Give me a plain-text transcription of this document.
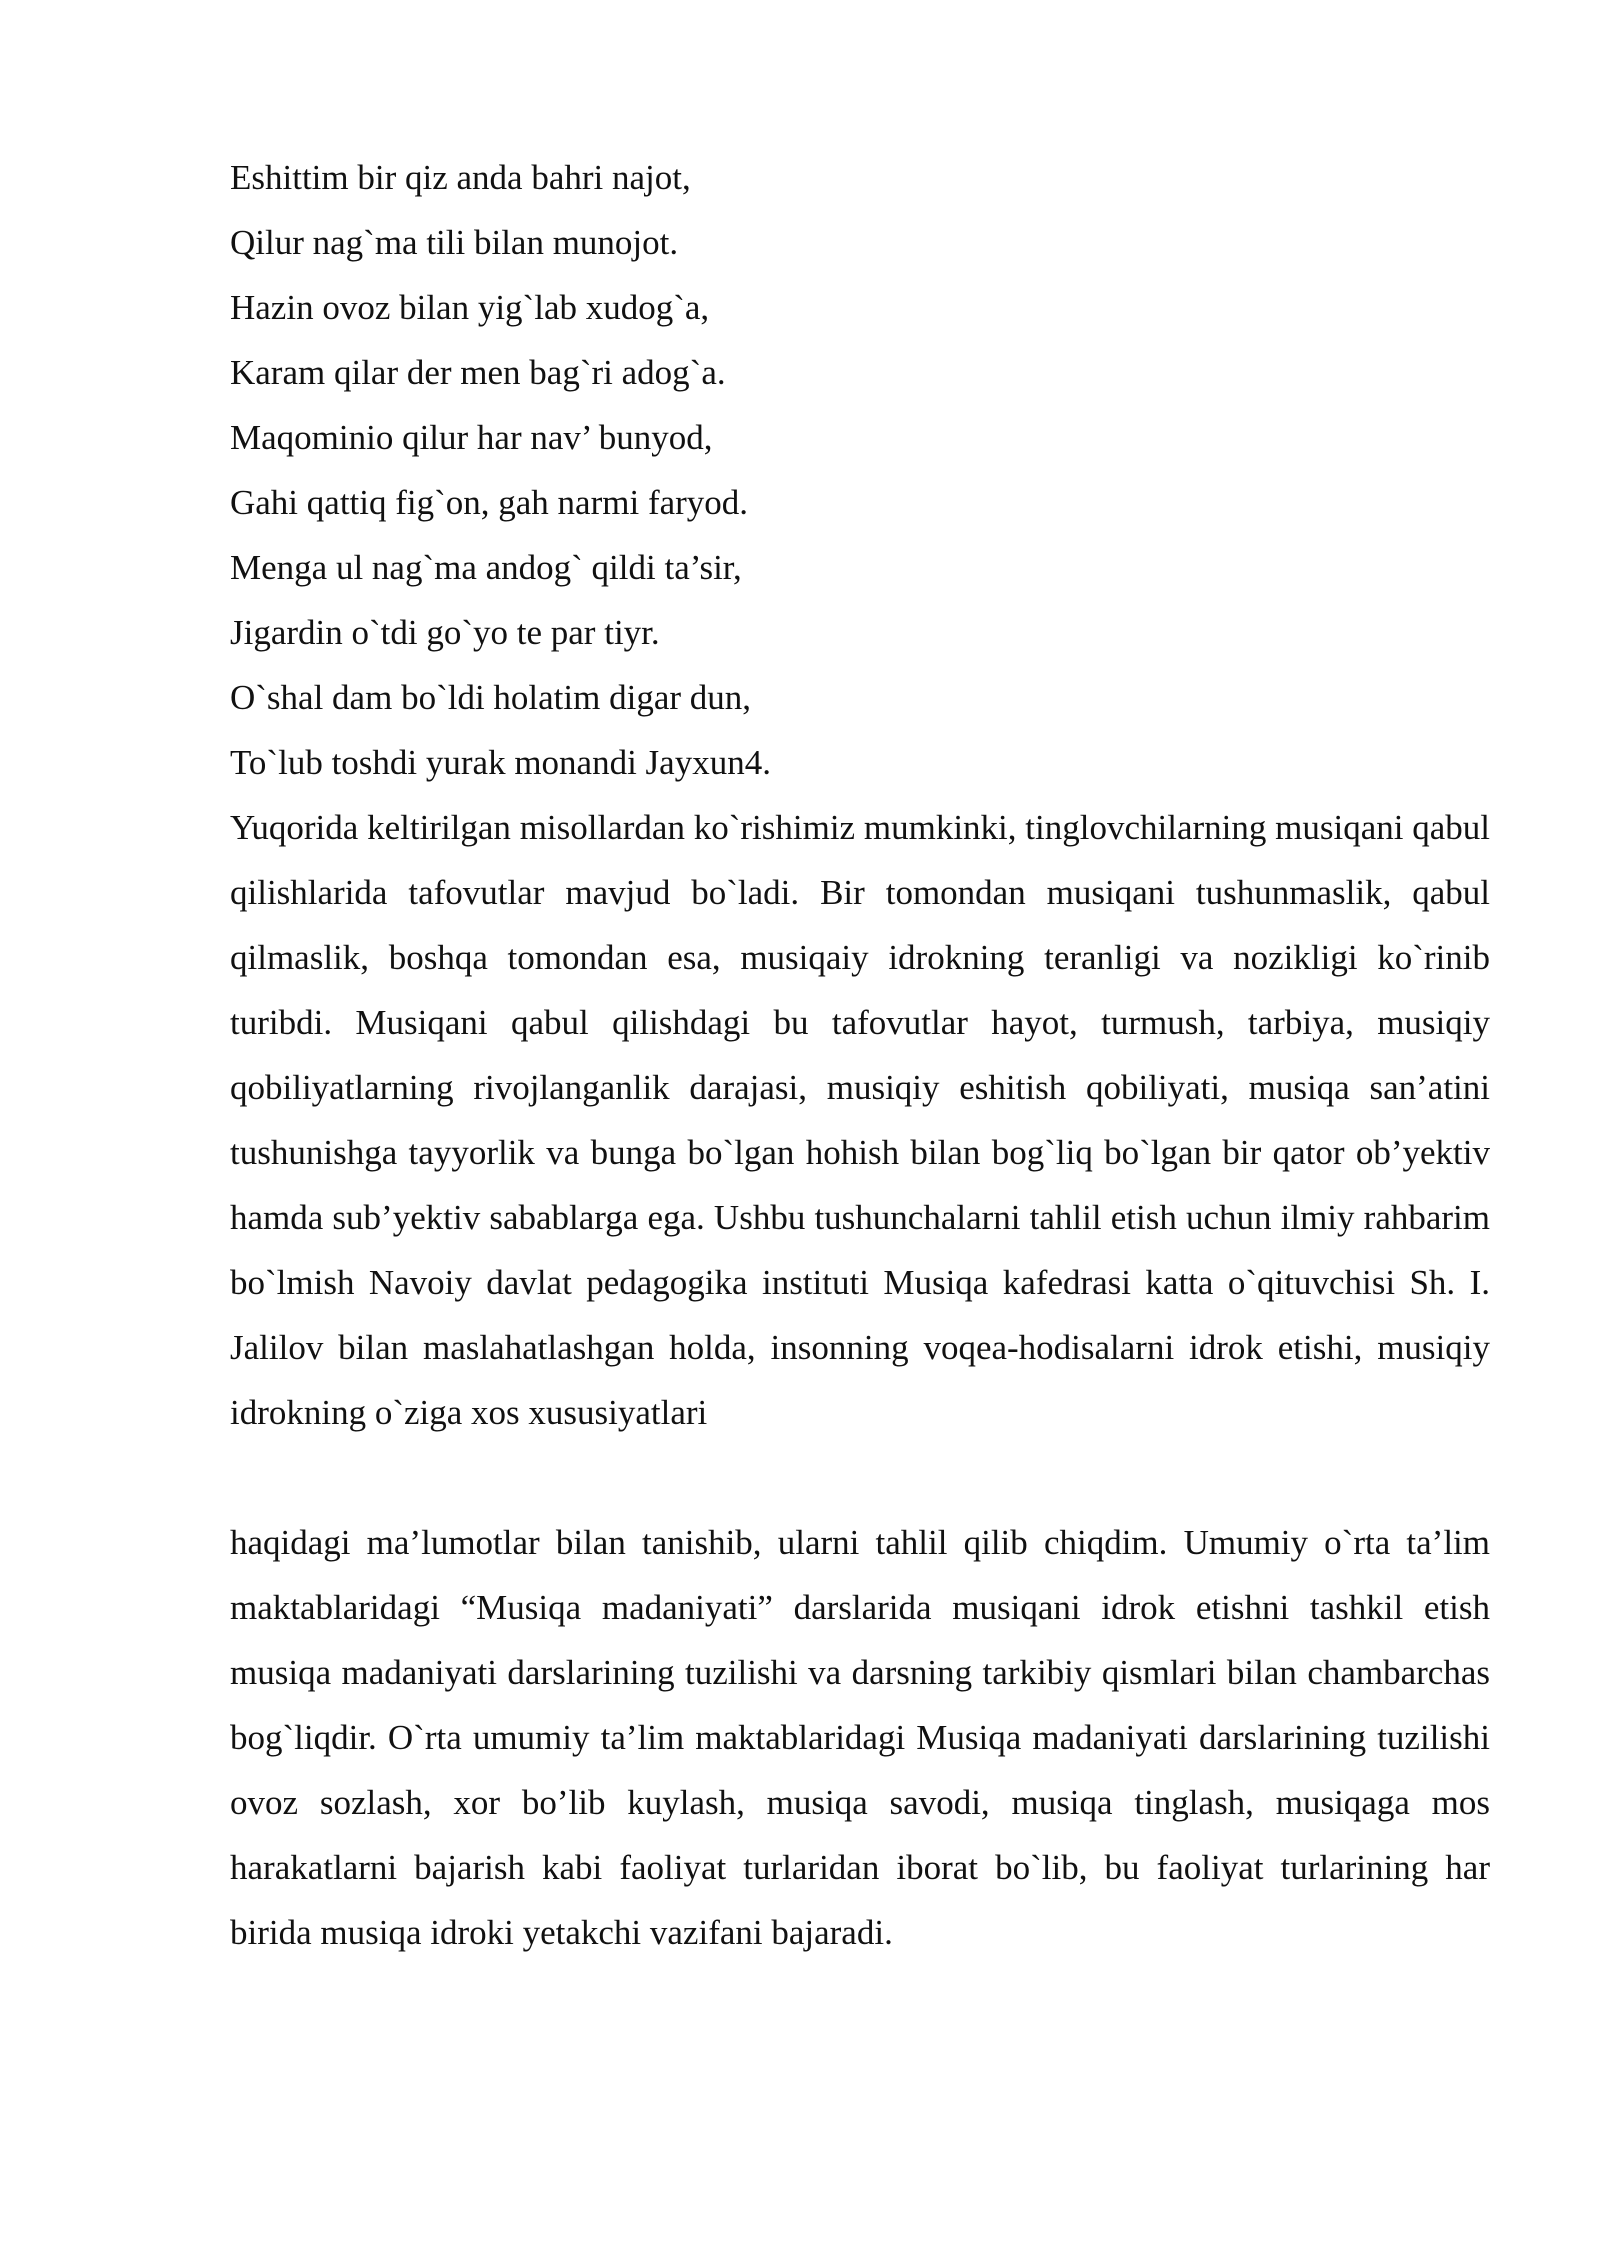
Eshittim bir qiz anda bahri najot,
Qilur nag`ma tili bilan munojot.
Hazin ovoz bilan yig`lab xudog`a,
Karam qilar der men bag`ri adog`a.
Maqominio qilur har nav’ bunyod,
Gahi qattiq fig`on, gah narmi faryod.
Menga ul nag`ma andog` qildi ta’sir,
Jigardin o`tdi go`yo te par tiyr.
O`shal dam bo`ldi holatim digar dun,
To`lub toshdi yurak monandi Jayxun4.

Yuqorida keltirilgan misollardan ko`rishimiz mumkinki, tinglovchilarning musiqani qabul qilishlarida tafovutlar mavjud bo`ladi. Bir tomondan musiqani tushunmaslik, qabul qilmaslik, boshqa tomondan esa, musiqaiy idrokning teranligi va nozikligi ko`rinib turibdi. Musiqani qabul qilishdagi bu tafovutlar hayot, turmush, tarbiya, musiqiy qobiliyatlarning rivojlanganlik darajasi, musiqiy eshitish qobiliyati, musiqa san’atini tushunishga tayyorlik va bunga bo`lgan hohish bilan bog`liq bo`lgan bir qator ob’yektiv hamda sub’yektiv sabablarga ega. Ushbu tushunchalarni tahlil etish uchun ilmiy rahbarim bo`lmish Navoiy davlat pedagogika instituti Musiqa kafedrasi katta o`qituvchisi Sh. I. Jalilov bilan maslahatlashgan holda, insonning voqea-hodisalarni idrok etishi, musiqiy idrokning o`ziga xos xususiyatlari

haqidagi ma’lumotlar bilan tanishib, ularni tahlil qilib chiqdim. Umumiy o`rta ta’lim maktablaridagi “Musiqa madaniyati” darslarida musiqani idrok etishni tashkil etish musiqa madaniyati darslarining tuzilishi va darsning tarkibiy qismlari bilan chambarchas bog`liqdir. O`rta umumiy ta’lim maktablaridagi Musiqa madaniyati darslarining tuzilishi ovoz sozlash, xor bo’lib kuylash, musiqa savodi, musiqa tinglash, musiqaga mos harakatlarni bajarish kabi faoliyat turlaridan iborat bo`lib, bu faoliyat turlarining har birida musiqa idroki yetakchi vazifani bajaradi.
